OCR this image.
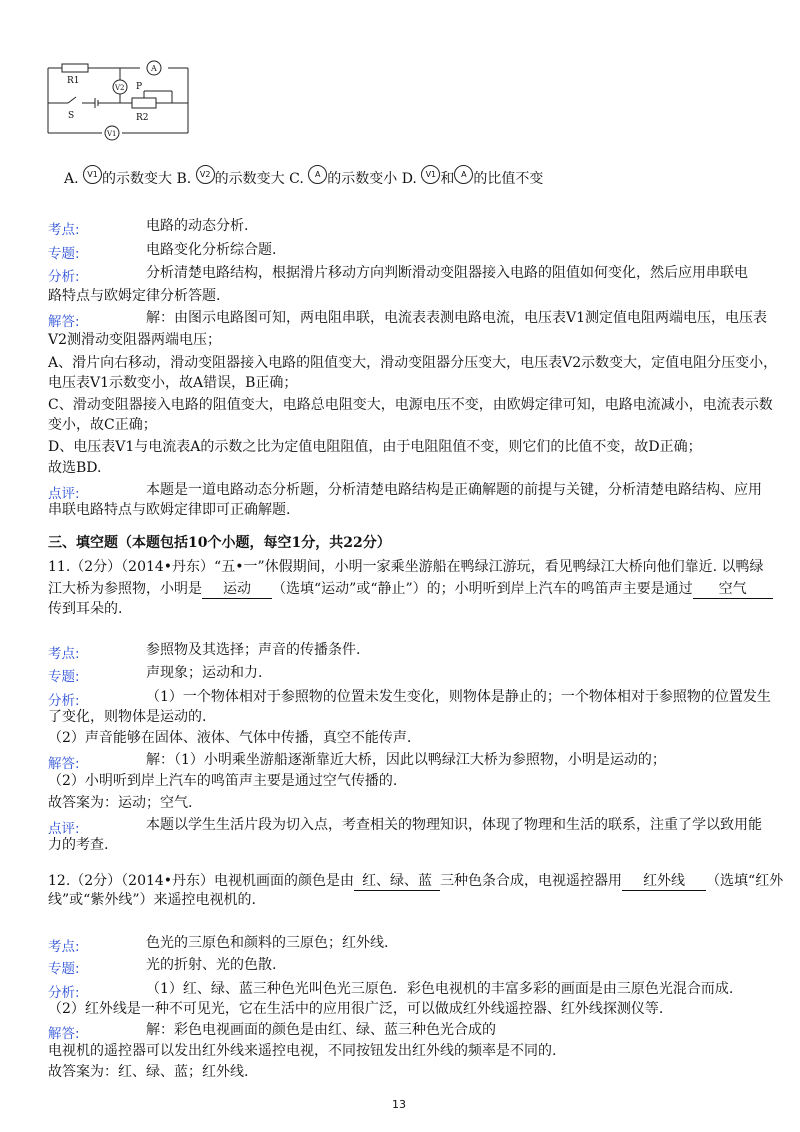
A
V2
V1
R1
R2
S
P
A. V1 的示数变大 B. V2 的示数变大 C. A 的示数变小 D. V1 和 A 的比值不变
考点:	电路的动态分析.
专题:	电路变化分析综合题.
分析:	分析清楚电路结构，根据滑片移动方向判断滑动变阻器接入电路的阻值如何变化，然后应用串联电
路特点与欧姆定律分析答题.
解答:	解：由图示电路图可知，两电阻串联，电流表表测电路电流，电压表V1测定值电阻两端电压，电压表
V2测滑动变阻器两端电压；
A、滑片向右移动，滑动变阻器接入电路的阻值变大，滑动变阻器分压变大，电压表V2示数变大，定值电阻分压变小，
电压表V1示数变小，故A错误，B正确；
C、滑动变阻器接入电路的阻值变大，电路总电阻变大，电源电压不变，由欧姆定律可知，电路电流减小，电流表示数
变小，故C正确；
D、电压表V1与电流表A的示数之比为定值电阻阻值，由于电阻阻值不变，则它们的比值不变，故D正确；
故选BD.
点评:	本题是一道电路动态分析题，分析清楚电路结构是正确解题的前提与关键，分析清楚电路结构、应用
串联电路特点与欧姆定律即可正确解题.
三、填空题（本题包括10个小题，每空1分，共22分）
11.（2分）（2014•丹东）“五•一”休假期间，小明一家乘坐游船在鸭绿江游玩，看见鸭绿江大桥向他们靠近. 以鸭绿
江大桥为参照物，小明是 运动 （选填“运动”或“静止”）的；小明听到岸上汽车的鸣笛声主要是通过 空气
传到耳朵的.
考点:	参照物及其选择；声音的传播条件.
专题:	声现象；运动和力.
分析:	（1）一个物体相对于参照物的位置未发生变化，则物体是静止的；一个物体相对于参照物的位置发生
了变化，则物体是运动的.
（2）声音能够在固体、液体、气体中传播，真空不能传声.
解答:	解：（1）小明乘坐游船逐渐靠近大桥，因此以鸭绿江大桥为参照物，小明是运动的；
（2）小明听到岸上汽车的鸣笛声主要是通过空气传播的.
故答案为：运动；空气.
点评:	本题以学生生活片段为切入点，考查相关的物理知识，体现了物理和生活的联系，注重了学以致用能
力的考查.
12.（2分）（2014•丹东）电视机画面的颜色是由 红、绿、蓝 三种色条合成，电视遥控器用 红外线 （选填“红外
线”或“紫外线”）来遥控电视机的.
考点:	色光的三原色和颜料的三原色；红外线.
专题:	光的折射、光的色散.
分析:	（1）红、绿、蓝三种色光叫色光三原色．彩色电视机的丰富多彩的画面是由三原色光混合而成.
（2）红外线是一种不可见光，它在生活中的应用很广泛，可以做成红外线遥控器、红外线探测仪等.
解答:	解：彩色电视画面的颜色是由红、绿、蓝三种色光合成的
电视机的遥控器可以发出红外线来遥控电视，不同按钮发出红外线的频率是不同的.
故答案为：红、绿、蓝；红外线.
13
